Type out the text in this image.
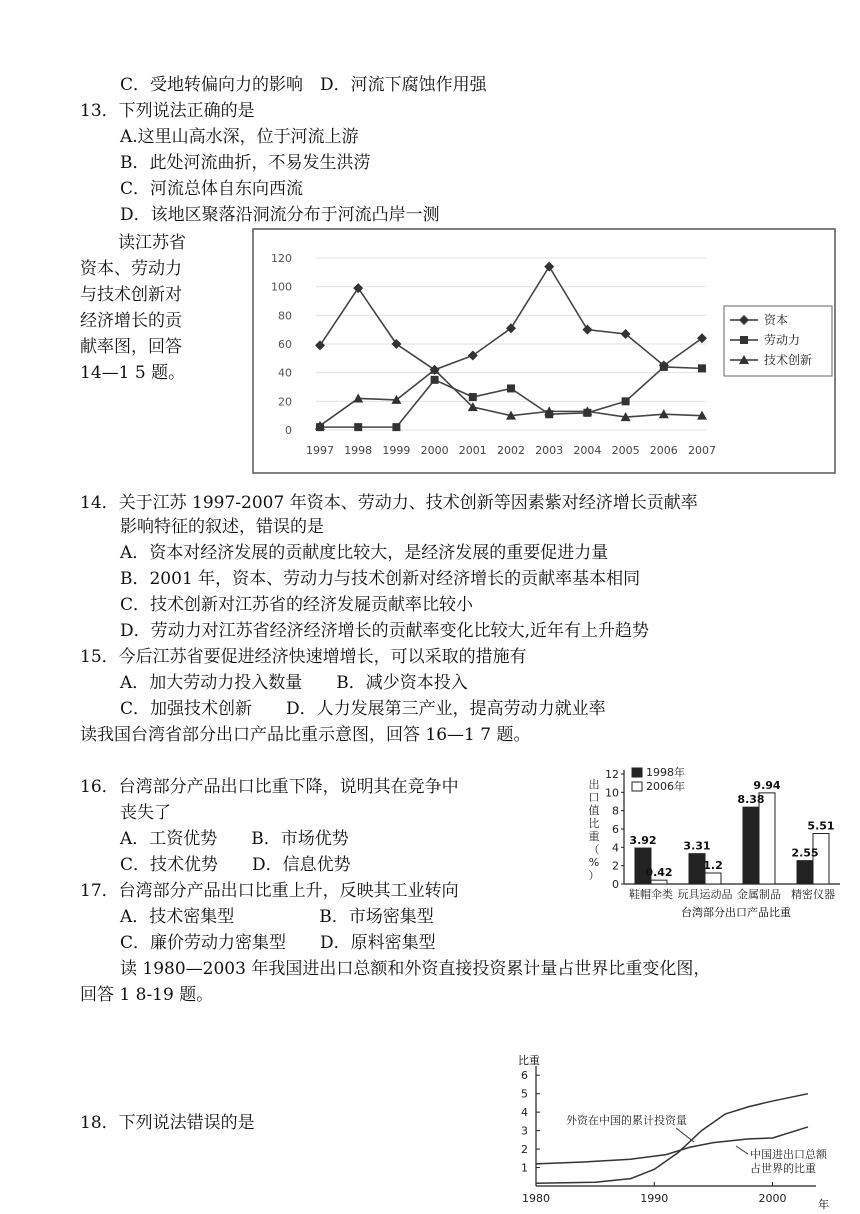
C．受地转偏向力的影响　D．河流下腐蚀作用强
13．下列说法正确的是
A.这里山高水深，位于河流上游
B．此处河流曲折，不易发生洪涝
C．河流总体自东向西流
D．该地区聚落沿洞流分布于河流凸岸一测
读江苏省
资本、劳动力
与技术创新对
经济增长的贡
献率图，回答
14—1 5 题。
0
20
40
60
80
100
120
1997 1998 1999 2000 2001 2002 2003 2004 2005 2006 2007
资本
劳动力
技术创新
14．关于江苏 1997-2007 年资本、劳动力、技术创新等因素紫对经济增长贡献率
影响特征的叙述，错误的是
A．资本对经济发展的贡献度比较大，是经济发展的重要促进力量
B．2001 年，资本、劳动力与技术创新对经济增长的贡献率基本相同
C．技术创新对江苏省的经济发屣贡献率比较小
D．劳动力对江苏省经济经济增长的贡献率变化比较大,近年有上升趋势
15．今后江苏省要促进经济快速增增长，可以采取的措施有
A．加大劳动力投入数量　　B．减少资本投入
C．加强技术创新　　D．人力发展第三产业，提高劳动力就业率
读我国台湾省部分出口产品比重示意图，回答 16—1 7 题。
16．台湾部分产品出口比重下降，说明其在竞争中
丧失了
A．工资优势　　B．市场优势
C．技术优势　　D．信息优势
17．台湾部分产品出口比重上升，反映其工业转向
A．技术密集型　　　　　B．市场密集型
C．廉价劳动力密集型　　D．原料密集型
出
口
值
比
重
（
%
）
0
2
4
6
8
10
12
3.92
0.42
3.31
1.2
8.38
9.94
2.55
5.51
鞋帽伞类 玩具运动品 金属制品 精密仪器
1998年
2006年
台湾部分出口产品比重
读 1980—2003 年我国进出口总额和外资直接投资累计量占世界比重变化图，
回答 1 8-19 题。
18．下列说法错误的是
比重
1
2
3
4
5
6
1980	1990	2000
外资在中国的累计投资量
中国进出口总额
占世界的比重
年
